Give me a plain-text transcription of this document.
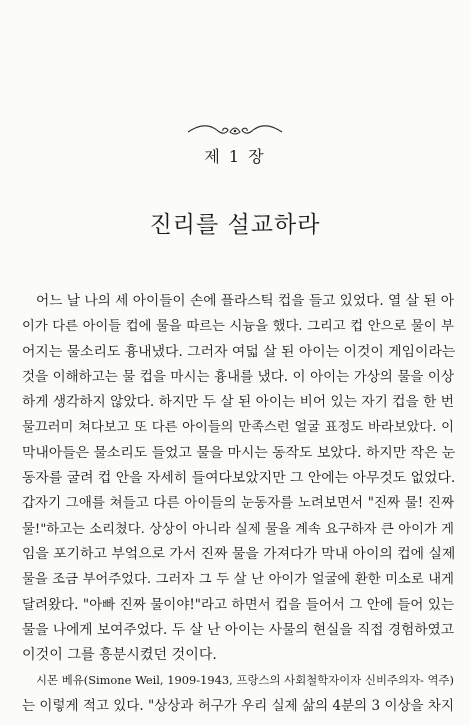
제 1 장
진리를 설교하라
어느 날 나의 세 아이들이 손에 플라스틱 컵을 들고 있었다. 열 살 된 아
이가 다른 아이들 컵에 물을 따르는 시늉을 했다. 그리고 컵 안으로 물이 부
어지는 물소리도 흉내냈다. 그러자 여덟 살 된 아이는 이것이 게임이라는
것을 이해하고는 물 컵을 마시는 흉내를 냈다. 이 아이는 가상의 물을 이상
하게 생각하지 않았다. 하지만 두 살 된 아이는 비어 있는 자기 컵을 한 번
물끄러미 쳐다보고 또 다른 아이들의 만족스런 얼굴 표정도 바라보았다. 이
막내아들은 물소리도 들었고 물을 마시는 동작도 보았다. 하지만 작은 눈
동자를 굴려 컵 안을 자세히 들여다보았지만 그 안에는 아무것도 없었다.
갑자기 그애를 쳐들고 다른 아이들의 눈동자를 노려보면서 "진짜 물! 진짜
물!"하고는 소리쳤다. 상상이 아니라 실제 물을 계속 요구하자 큰 아이가 게
임을 포기하고 부엌으로 가서 진짜 물을 가져다가 막내 아이의 컵에 실제
물을 조금 부어주었다. 그러자 그 두 살 난 아이가 얼굴에 환한 미소로 내게
달려왔다. "아빠 진짜 물이야!"라고 하면서 컵을 들어서 그 안에 들어 있는
물을 나에게 보여주었다. 두 살 난 아이는 사물의 현실을 직접 경험하였고
이것이 그를 흥분시켰던 것이다.
시몬 베유(Simone Weil, 1909-1943, 프랑스의 사회철학자이자 신비주의자- 역주)
는 이렇게 적고 있다. "상상과 허구가 우리 실제 삶의 4분의 3 이상을 차지
